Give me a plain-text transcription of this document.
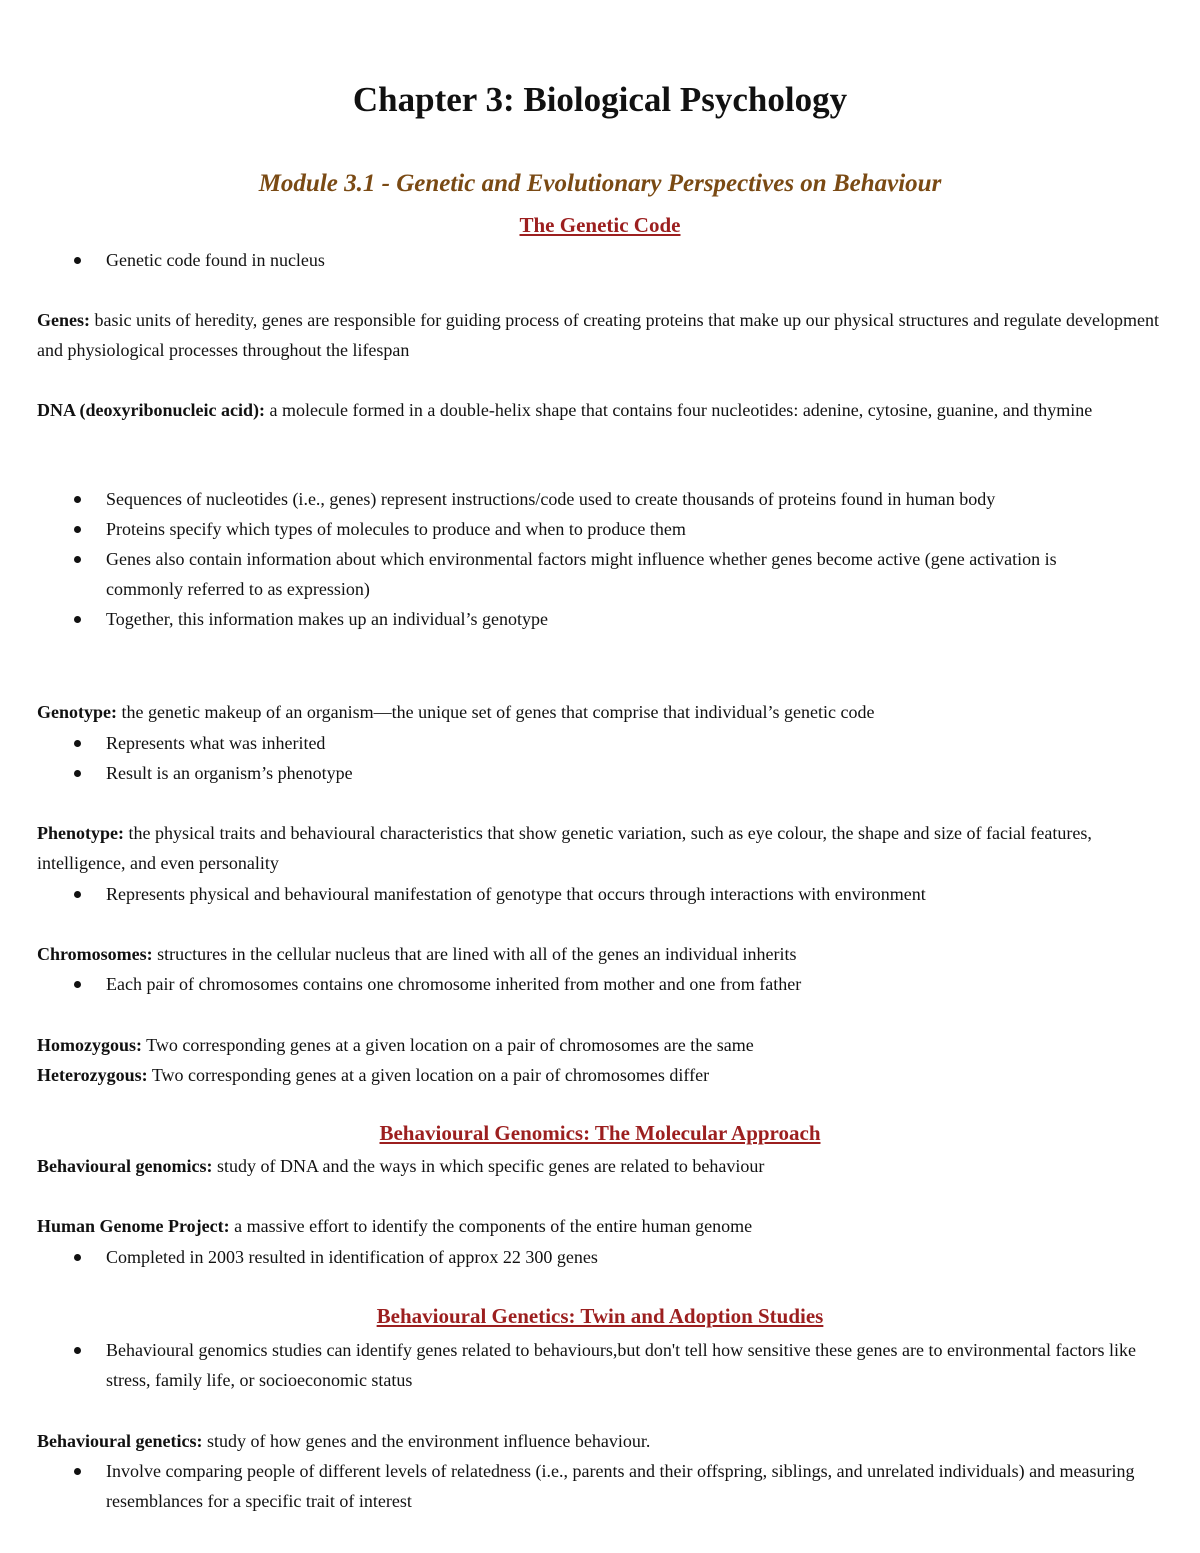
Chapter 3: Biological Psychology
Module 3.1 - Genetic and Evolutionary Perspectives on Behaviour
The Genetic Code
Genetic code found in nucleus

Genes: basic units of heredity, genes are responsible for guiding process of creating proteins that make up our physical structures and regulate development and physiological processes throughout the lifespan

DNA (deoxyribonucleic acid): a molecule formed in a double-helix shape that contains four nucleotides: adenine, cytosine, guanine, and thymine

Sequences of nucleotides (i.e., genes) represent instructions/code used to create thousands of proteins found in human body
Proteins specify which types of molecules to produce and when to produce them
Genes also contain information about which environmental factors might influence whether genes become active (gene activation is commonly referred to as expression)
Together, this information makes up an individual’s genotype

Genotype: the genetic makeup of an organism—the unique set of genes that comprise that individual’s genetic code

Represents what was inherited
Result is an organism’s phenotype

Phenotype: the physical traits and behavioural characteristics that show genetic variation, such as eye colour, the shape and size of facial features, intelligence, and even personality

Represents physical and behavioural manifestation of genotype that occurs through interactions with environment

Chromosomes: structures in the cellular nucleus that are lined with all of the genes an individual inherits

Each pair of chromosomes contains one chromosome inherited from mother and one from father

Homozygous: Two corresponding genes at a given location on a pair of chromosomes are the same

Heterozygous: Two corresponding genes at a given location on a pair of chromosomes differ

Behavioural Genomics: The Molecular Approach

Behavioural genomics: study of DNA and the ways in which specific genes are related to behaviour

Human Genome Project: a massive effort to identify the components of the entire human genome

Completed in 2003 resulted in identification of approx 22 300 genes
Behavioural Genetics: Twin and Adoption Studies
Behavioural genomics studies can identify genes related to behaviours,but don't tell how sensitive these genes are to environmental factors like stress, family life, or socioeconomic status

Behavioural genetics: study of how genes and the environment influence behaviour.

Involve comparing people of different levels of relatedness (i.e., parents and their offspring, siblings, and unrelated individuals) and measuring resemblances for a specific trait of interest
